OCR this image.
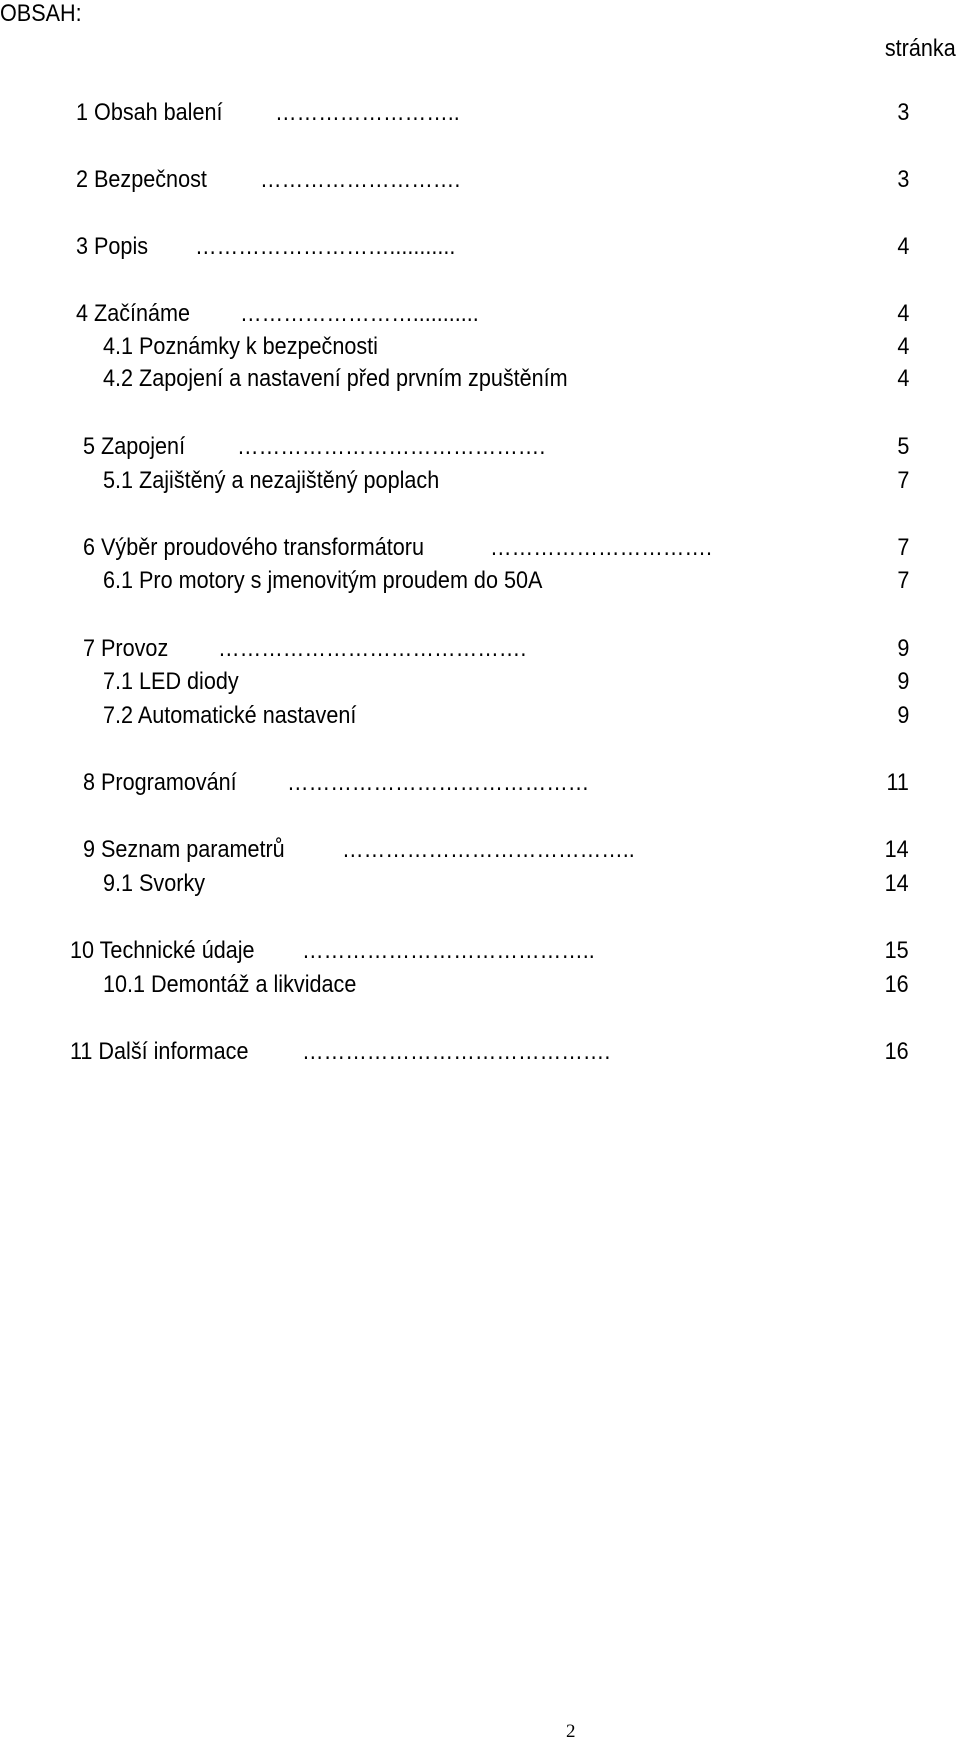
OBSAH:
stránka
1 Obsah balení ……………………..	3
2 Bezpečnost ……………………….	3
3 Popis ………………………...........	4
4 Začínáme ……………………...........	4
4.1 Poznámky k bezpečnosti	4
4.2 Zapojení a nastavení před prvním zpuštěním	4
5 Zapojení …………………………………….	5
5.1 Zajištěný a nezajištěný poplach	7
6 Výběr proudového transformátoru	………………………….	7
6.1 Pro motory s jmenovitým proudem do 50A	7
7 Provoz …………………………………….	9
7.1 LED diody	9
7.2 Automatické nastavení	9
8 Programování ……………………………………	11
9 Seznam parametrů …………………………………..	14
9.1 Svorky	14
10 Technické údaje …………………………………..	15
10.1 Demontáž a likvidace	16
11 Další informace …………………………………….	16
2
